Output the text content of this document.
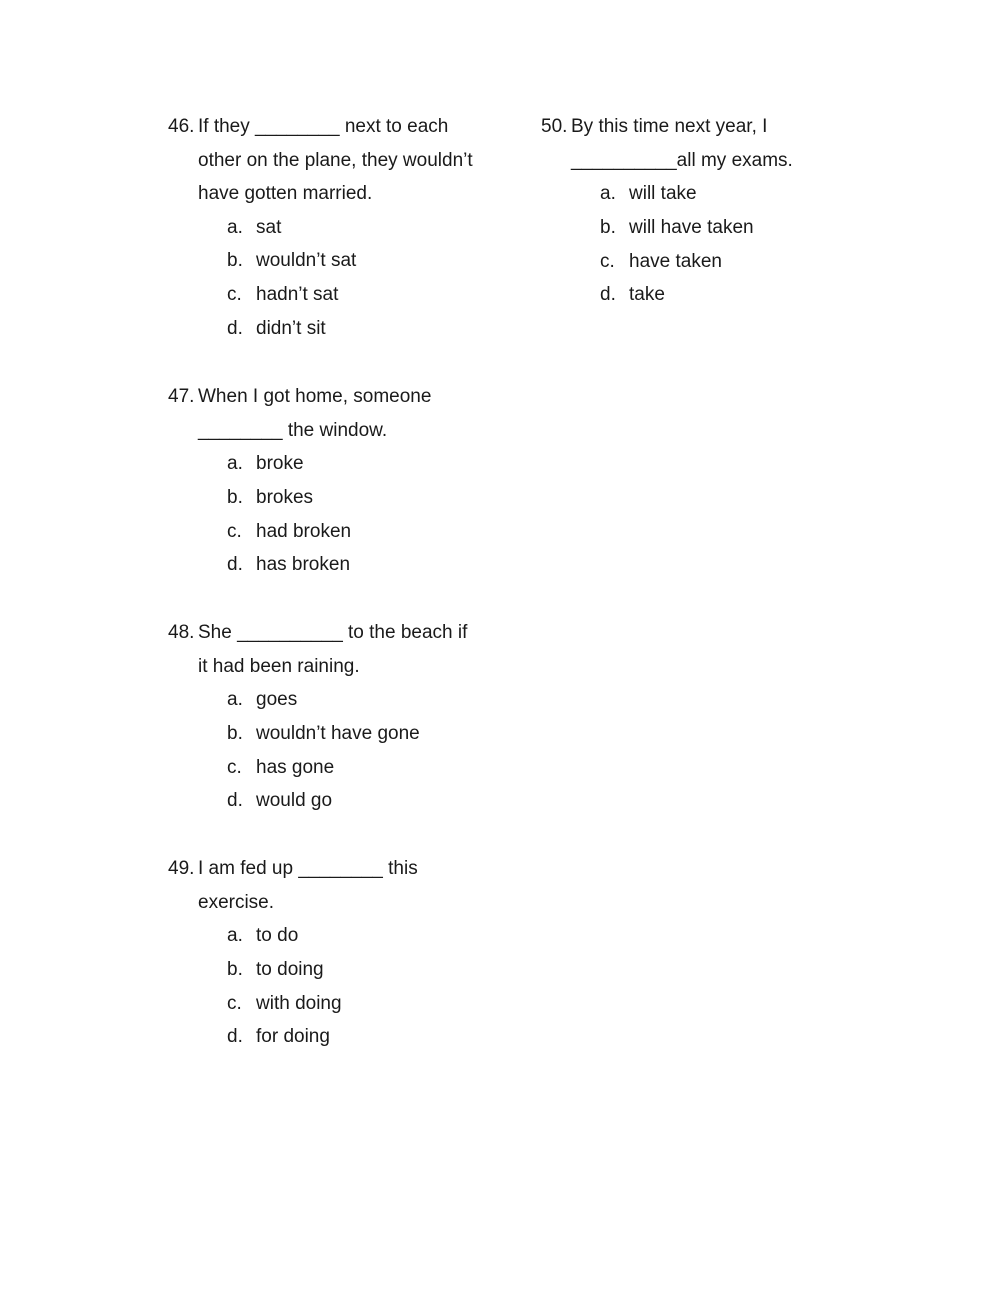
46. If they ________ next to each
other on the plane, they wouldn’t
have gotten married.
a. sat
b. wouldn’t sat
c. hadn’t sat
d. didn’t sit
47. When I got home, someone
________ the window.
a. broke
b. brokes
c. had broken
d. has broken
48. She __________ to the beach if
it had been raining.
a. goes
b. wouldn’t have gone
c. has gone
d. would go
49. I am fed up ________ this
exercise.
a. to do
b. to doing
c. with doing
d. for doing
50. By this time next year, I
__________all my exams.
a. will take
b. will have taken
c. have taken
d. take
